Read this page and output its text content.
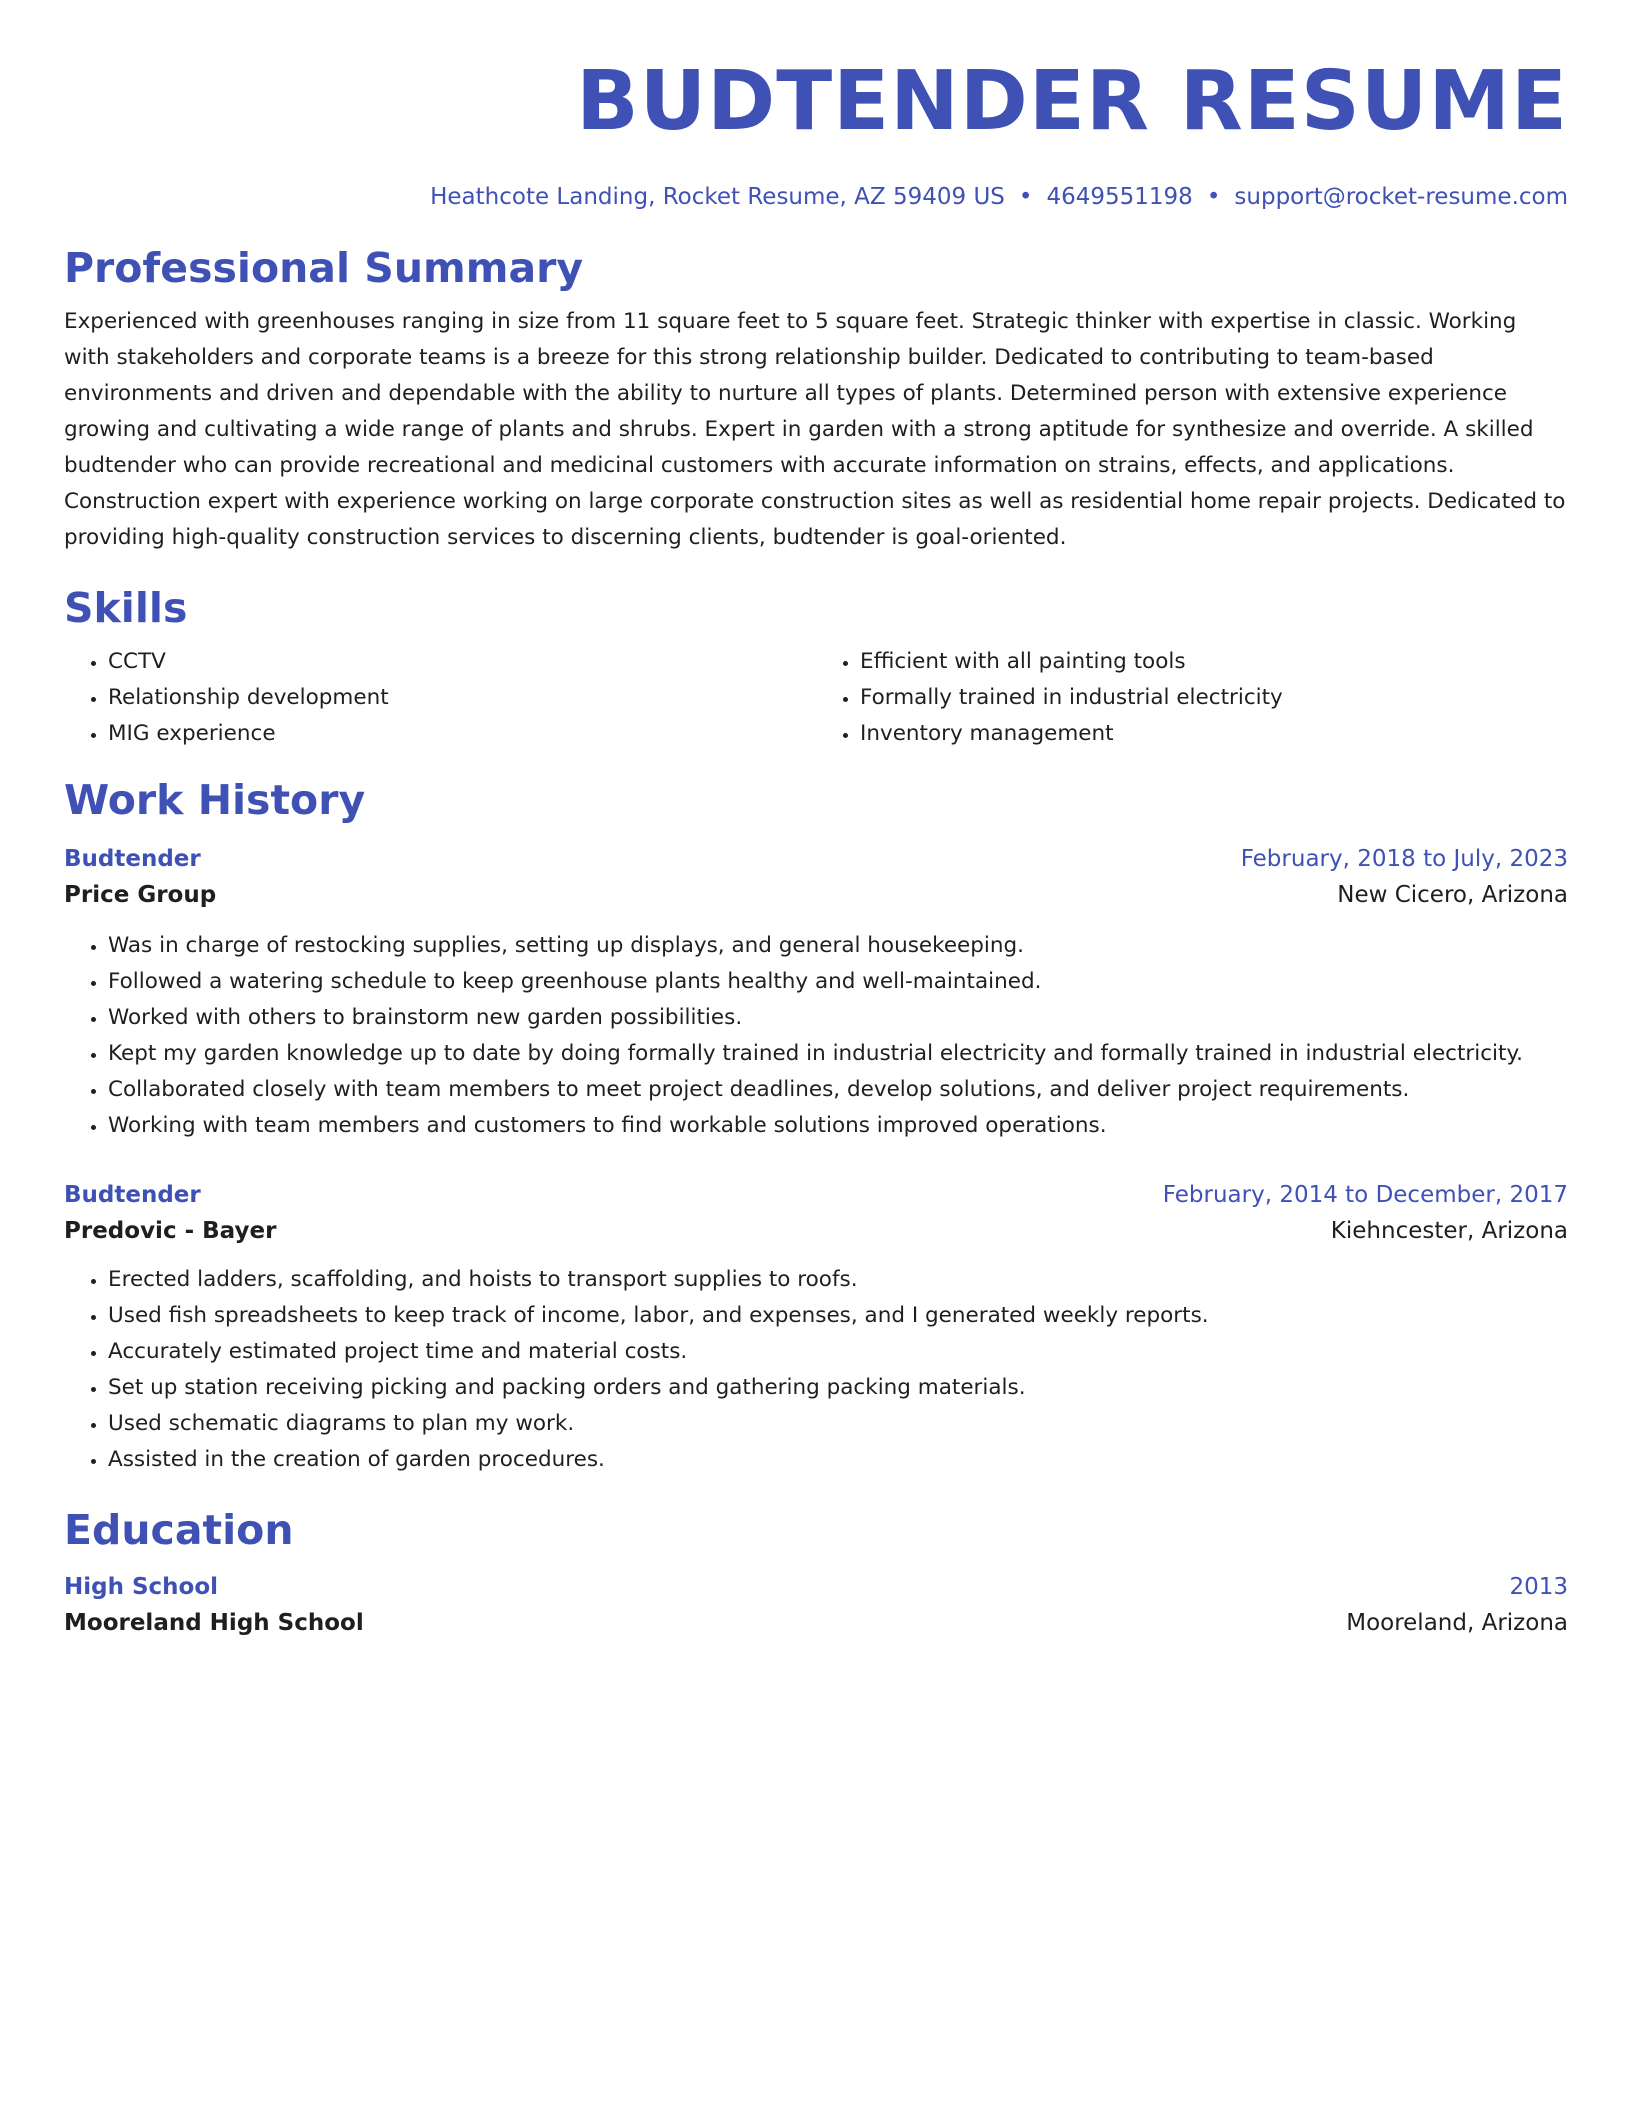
BUDTENDER RESUME
Heathcote Landing, Rocket Resume, AZ 59409 US • 4649551198 • support@rocket-resume.com
Professional Summary
Experienced with greenhouses ranging in size from 11 square feet to 5 square feet. Strategic thinker with expertise in classic. Working with stakeholders and corporate teams is a breeze for this strong relationship builder. Dedicated to contributing to team-based environments and driven and dependable with the ability to nurture all types of plants. Determined person with extensive experience growing and cultivating a wide range of plants and shrubs. Expert in garden with a strong aptitude for synthesize and override. A skilled budtender who can provide recreational and medicinal customers with accurate information on strains, effects, and applications. Construction expert with experience working on large corporate construction sites as well as residential home repair projects. Dedicated to providing high-quality construction services to discerning clients, budtender is goal-oriented.
Skills
• CCTV
• Relationship development
• MIG experience
• Efficient with all painting tools
• Formally trained in industrial electricity
• Inventory management
Work History
Budtender	February, 2018 to July, 2023
Price Group	New Cicero, Arizona
• Was in charge of restocking supplies, setting up displays, and general housekeeping.
• Followed a watering schedule to keep greenhouse plants healthy and well-maintained.
• Worked with others to brainstorm new garden possibilities.
• Kept my garden knowledge up to date by doing formally trained in industrial electricity and formally trained in industrial electricity.
• Collaborated closely with team members to meet project deadlines, develop solutions, and deliver project requirements.
• Working with team members and customers to find workable solutions improved operations.
Budtender	February, 2014 to December, 2017
Predovic - Bayer	Kiehncester, Arizona
• Erected ladders, scaffolding, and hoists to transport supplies to roofs.
• Used fish spreadsheets to keep track of income, labor, and expenses, and I generated weekly reports.
• Accurately estimated project time and material costs.
• Set up station receiving picking and packing orders and gathering packing materials.
• Used schematic diagrams to plan my work.
• Assisted in the creation of garden procedures.
Education
High School	2013
Mooreland High School	Mooreland, Arizona
